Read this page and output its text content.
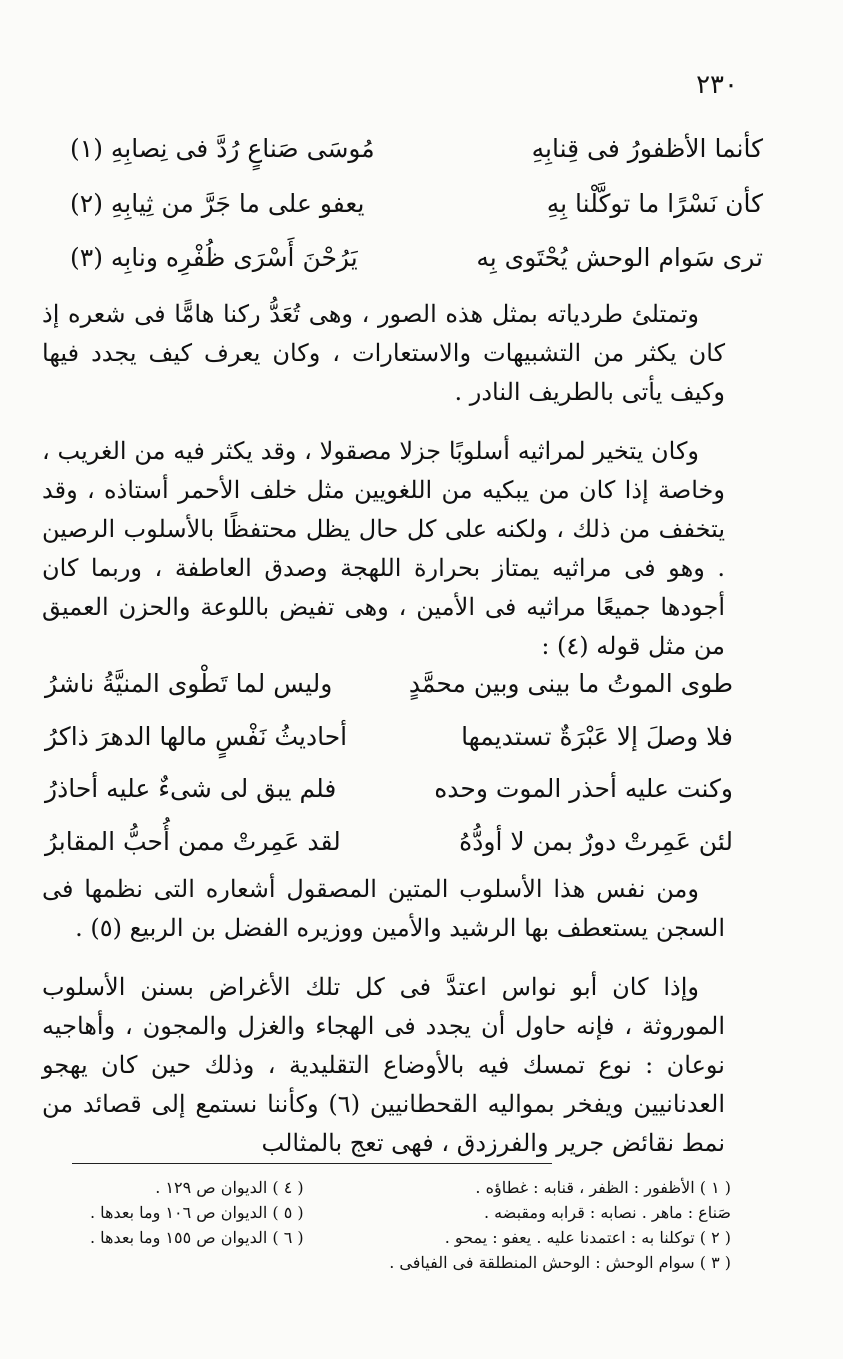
٢٣٠
كأنما الأظفورُ فى قِنابِهِ
مُوسَى صَناعٍ رُدَّ فى نِصابِهِ (١)
كأن نَسْرًا ما توكَّلْنا بِهِ
يعفو على ما جَرَّ من ثِيابِهِ (٢)
ترى سَوام الوحش يُحْتَوى بِه
يَرُحْنَ أَسْرَى ظُفْرِه ونابِه (٣)

وتمتلئ طردياته بمثل هذه الصور ، وهى تُعَدُّ ركنا هامًّا فى شعره إذ كان يكثر من التشبيهات والاستعارات ، وكان يعرف كيف يجدد فيها وكيف يأتى بالطريف النادر .

وكان يتخير لمراثيه أسلوبًا جزلا مصقولا ، وقد يكثر فيه من الغريب ، وخاصة إذا كان من يبكيه من اللغويين مثل خلف الأحمر أستاذه ، وقد يتخفف من ذلك ، ولكنه على كل حال يظل محتفظًا بالأسلوب الرصين . وهو فى مراثيه يمتاز بحرارة اللهجة وصدق العاطفة ، وربما كان أجودها جميعًا مراثيه فى الأمين ، وهى تفيض باللوعة والحزن العميق من مثل قوله (٤) :

طوى الموتُ ما بينى وبين محمَّدٍ
وليس لما تَطْوى المنيَّةُ ناشرُ
فلا وصلَ إلا عَبْرَةٌ تستديمها
أحاديثُ نَفْسٍ مالها الدهرَ ذاكرُ
وكنت عليه أحذر الموت وحده
فلم يبق لى شىءٌ عليه أحاذرُ
لئن عَمِرتْ دورٌ بمن لا أودُّهُ
لقد عَمِرتْ ممن أُحبُّ المقابرُ

ومن نفس هذا الأسلوب المتين المصقول أشعاره التى نظمها فى السجن يستعطف بها الرشيد والأمين ووزيره الفضل بن الربيع (٥) .

وإذا كان أبو نواس اعتدَّ فى كل تلك الأغراض بسنن الأسلوب الموروثة ، فإنه حاول أن يجدد فى الهجاء والغزل والمجون ، وأهاجيه نوعان : نوع تمسك فيه بالأوضاع التقليدية ، وذلك حين كان يهجو العدنانيين ويفخر بمواليه القحطانيين (٦) وكأننا نستمع إلى قصائد من نمط نقائض جرير والفرزدق ، فهى تعج بالمثالب

( ١ ) الأظفور : الظفر ، قنابه : غطاؤه .
صَناع : ماهر . نصابه : قرابه ومقبضه .
( ٢ ) توكلنا به : اعتمدنا عليه . يعفو : يمحو .
( ٣ ) سوام الوحش : الوحش المنطلقة فى الفيافى .
( ٤ ) الديوان ص ١٢٩ .
( ٥ ) الديوان ص ١٠٦ وما بعدها .
( ٦ ) الديوان ص ١٥٥ وما بعدها .
